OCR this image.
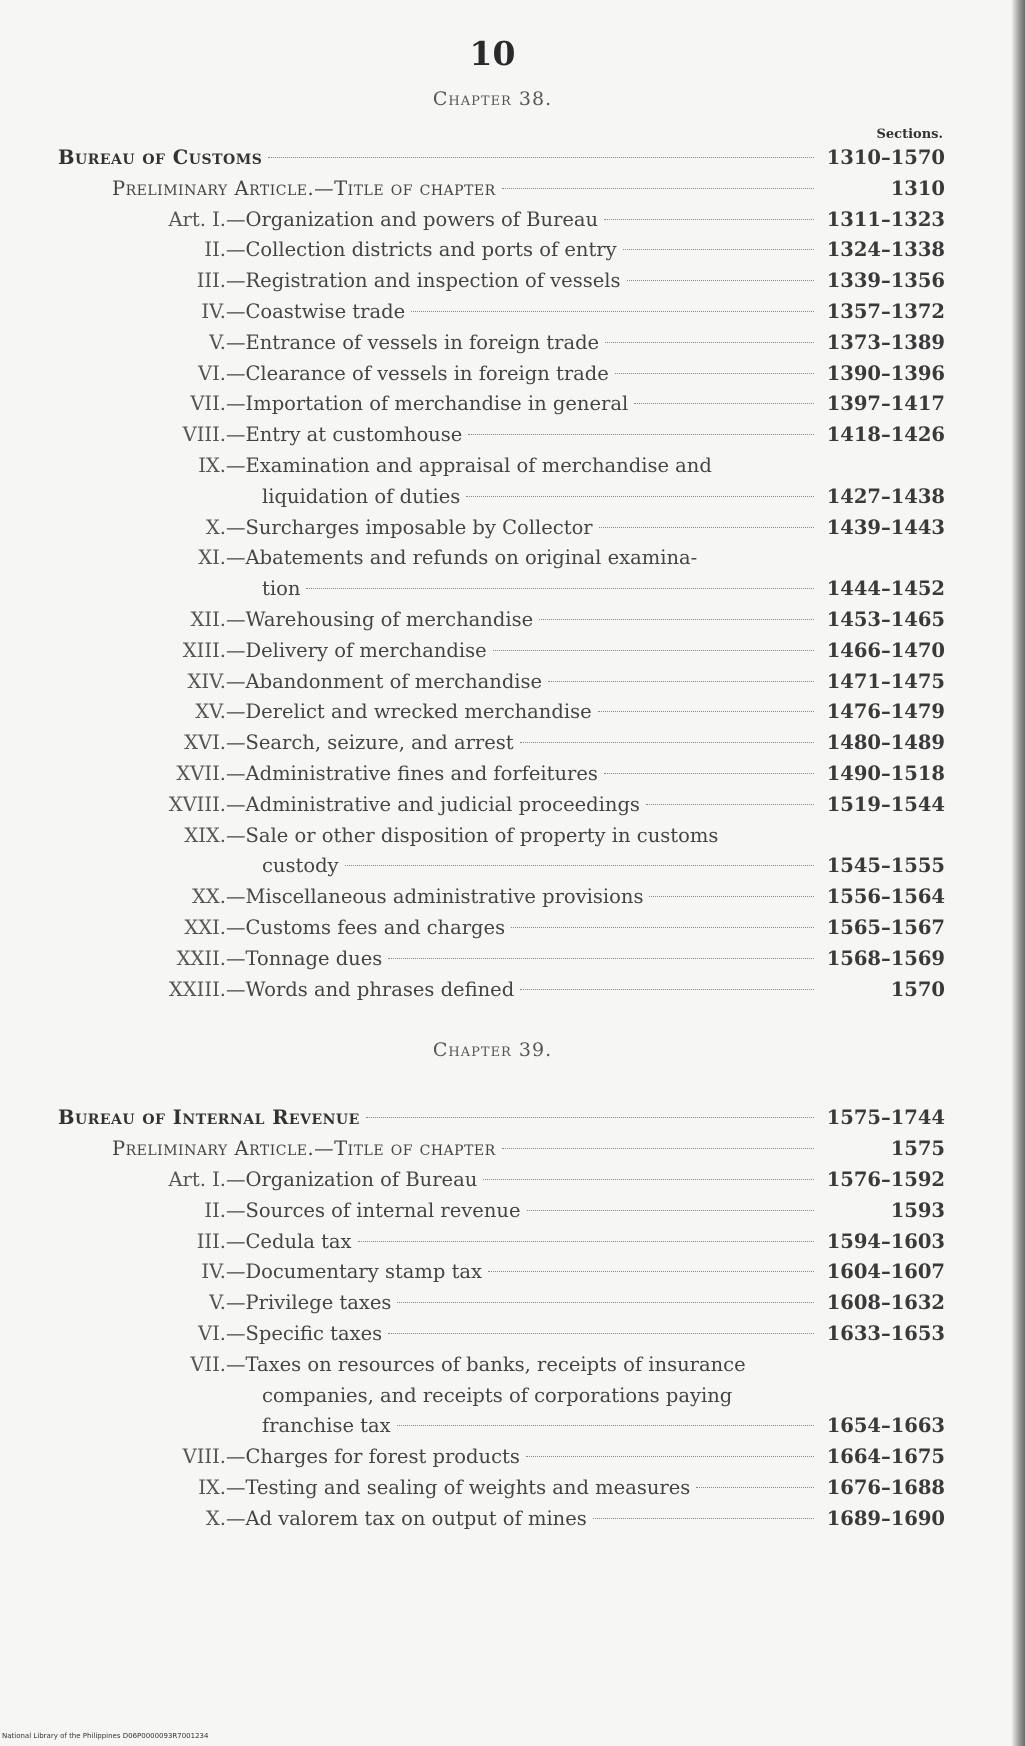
10
Chapter 38.
Sections.
Bureau of Customs	1310–1570
Preliminary Article.—Title of chapter	1310
Art. I. —Organization and powers of Bureau	1311–1323
II. —Collection districts and ports of entry	1324–1338
III. —Registration and inspection of vessels	1339–1356
IV. —Coastwise trade	1357–1372
V. —Entrance of vessels in foreign trade	1373–1389
VI. —Clearance of vessels in foreign trade	1390–1396
VII. —Importation of merchandise in general	1397–1417
VIII. —Entry at customhouse	1418–1426
IX. —Examination and appraisal of merchandise and
liquidation of duties	1427–1438
X. —Surcharges imposable by Collector	1439–1443
XI. —Abatements and refunds on original examina-
tion	1444–1452
XII. —Warehousing of merchandise	1453–1465
XIII. —Delivery of merchandise	1466–1470
XIV. —Abandonment of merchandise	1471–1475
XV. —Derelict and wrecked merchandise	1476–1479
XVI. —Search, seizure, and arrest	1480–1489
XVII. —Administrative fines and forfeitures	1490–1518
XVIII. —Administrative and judicial proceedings	1519–1544
XIX. —Sale or other disposition of property in customs
custody	1545–1555
XX. —Miscellaneous administrative provisions	1556–1564
XXI. —Customs fees and charges	1565–1567
XXII. —Tonnage dues	1568–1569
XXIII. —Words and phrases defined	1570
Bureau of Internal Revenue	1575–1744
Preliminary Article.—Title of chapter	1575
Art. I. —Organization of Bureau	1576–1592
II. —Sources of internal revenue	1593
III. —Cedula tax	1594–1603
IV. —Documentary stamp tax	1604–1607
V. —Privilege taxes	1608–1632
VI. —Specific taxes	1633–1653
VII. —Taxes on resources of banks, receipts of insurance
companies, and receipts of corporations paying
franchise tax	1654–1663
VIII. —Charges for forest products	1664–1675
IX. —Testing and sealing of weights and measures	1676–1688
X. —Ad valorem tax on output of mines	1689–1690
Chapter 39.
National Library of the Philippines D06P0000093R7001234
